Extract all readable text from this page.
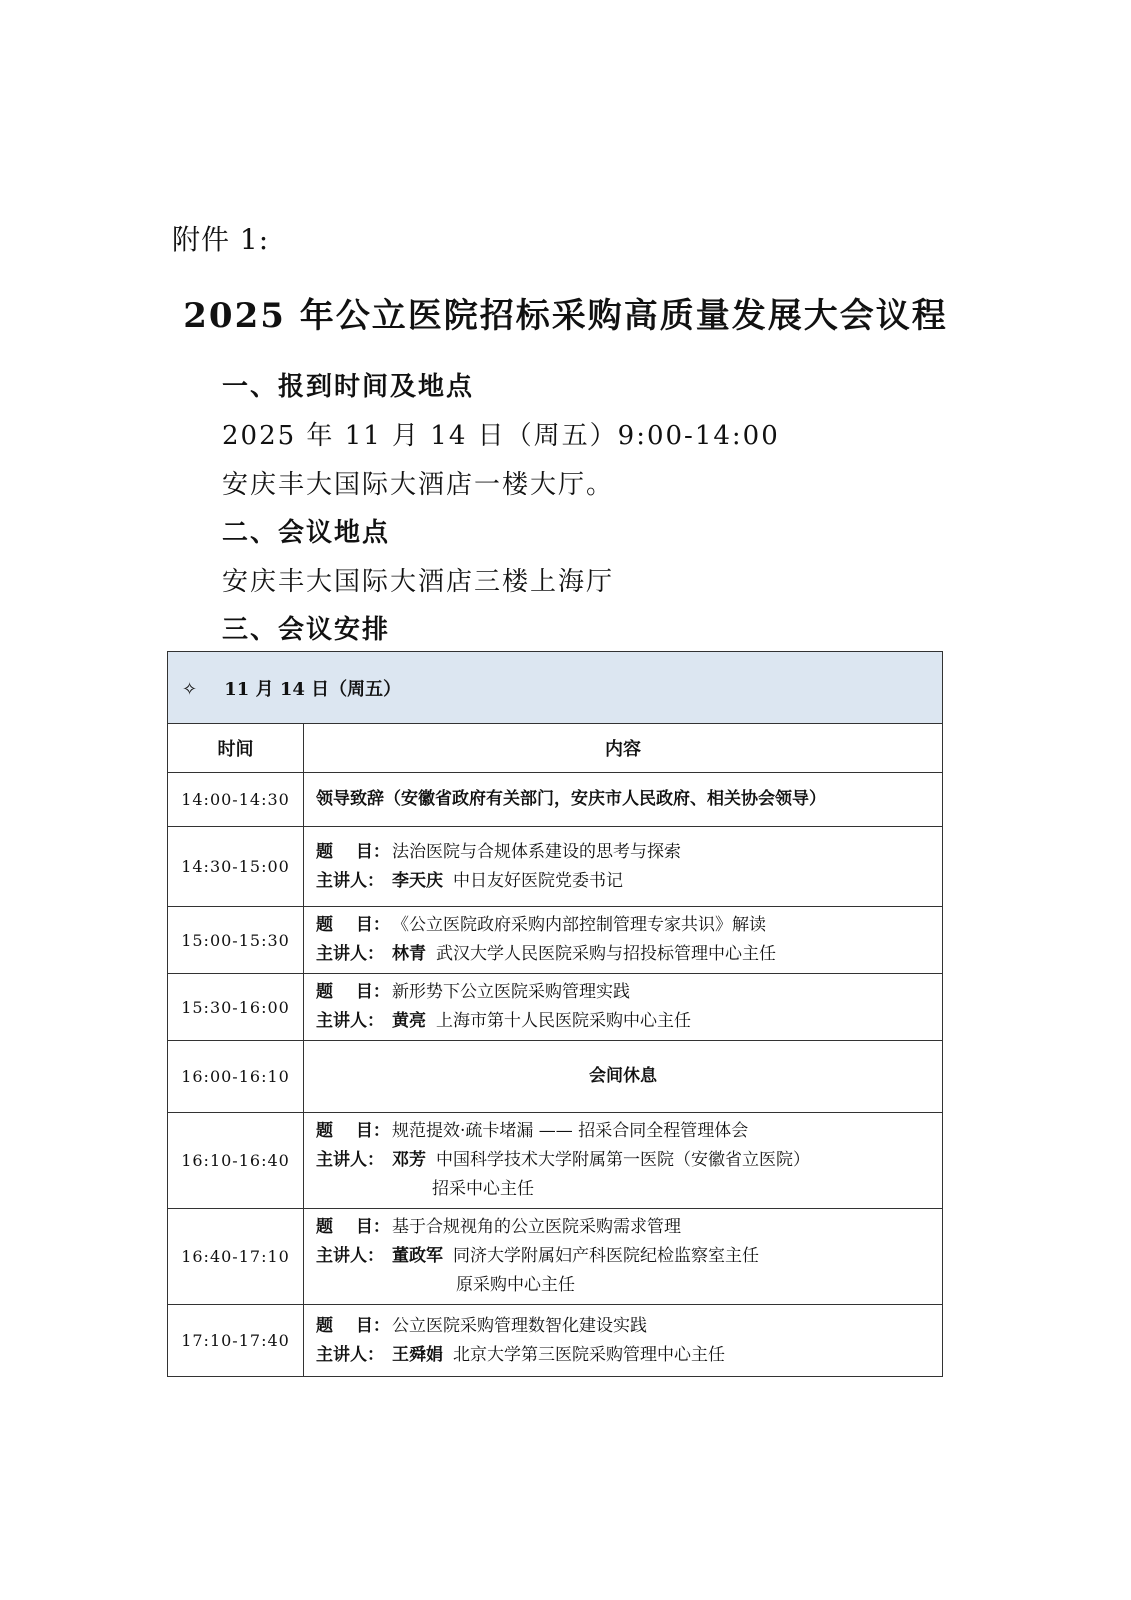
附件 1:
2025 年公立医院招标采购高质量发展大会议程
一、报到时间及地点
2025 年 11 月 14 日（周五）9:00-14:00
安庆丰大国际大酒店一楼大厅。
二、会议地点
安庆丰大国际大酒店三楼上海厅
三、会议安排
✧ 11 月 14 日（周五）	
时间	内容
14:00-14:30	领导致辞（安徽省政府有关部门，安庆市人民政府、相关协会领导）
14:30-15:00	题　 目： 法治医院与合规体系建设的思考与探索
主讲人： 李天庆 中日友好医院党委书记

15:00-15:30	题　 目： 《公立医院政府采购内部控制管理专家共识》解读
主讲人： 林青 武汉大学人民医院采购与招投标管理中心主任

15:30-16:00	题　 目： 新形势下公立医院采购管理实践
主讲人： 黄亮 上海市第十人民医院采购中心主任

16:00-16:10	会间休息
16:10-16:40	题　 目： 规范提效·疏卡堵漏 —— 招采合同全程管理体会
主讲人： 邓芳 中国科学技术大学附属第一医院（安徽省立医院）
招采中心主任

16:40-17:10	题　 目： 基于合规视角的公立医院采购需求管理
主讲人： 董政军 同济大学附属妇产科医院纪检监察室主任
原采购中心主任

17:10-17:40	题　 目： 公立医院采购管理数智化建设实践
主讲人： 王舜娟 北京大学第三医院采购管理中心主任
